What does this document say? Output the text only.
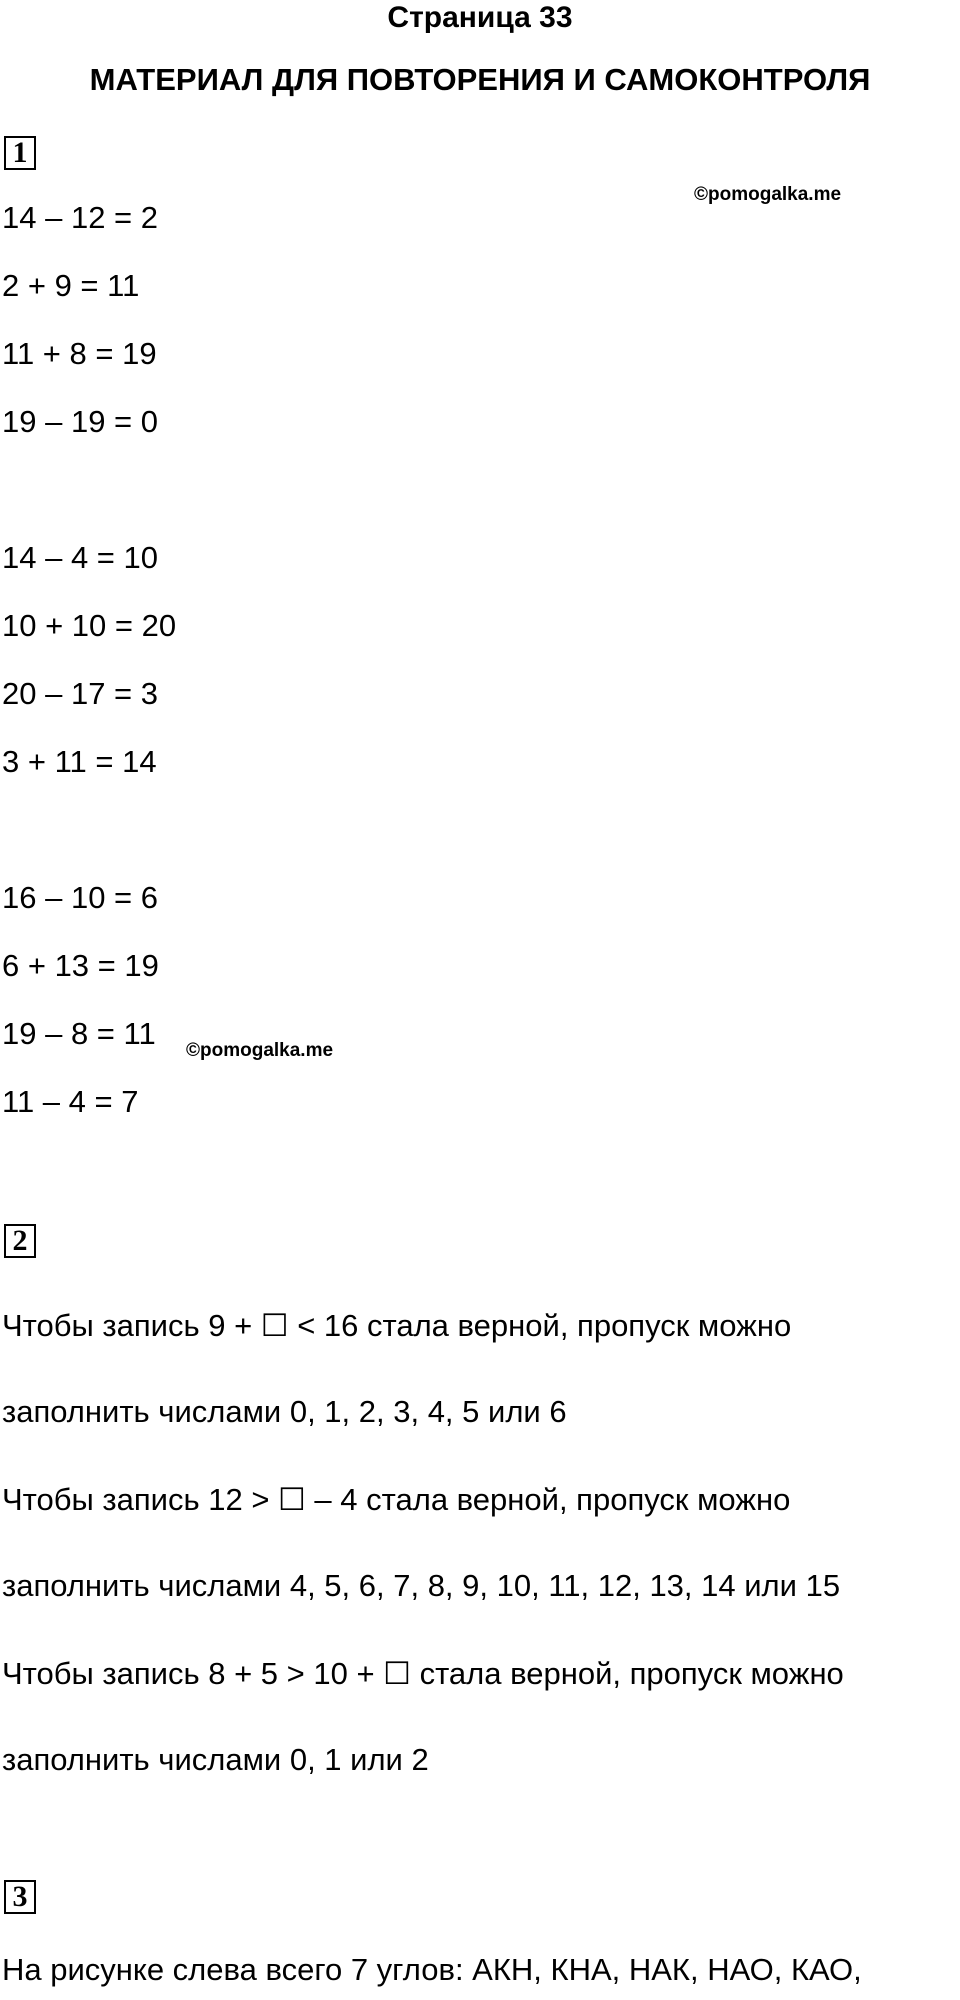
Страница 33
МАТЕРИАЛ ДЛЯ ПОВТОРЕНИЯ И САМОКОНТРОЛЯ
1
©pomogalka.me
14 – 12 = 2
2 + 9 = 11
11 + 8 = 19
19 – 19 = 0
14 – 4 = 10
10 + 10 = 20
20 – 17 = 3
3 + 11 = 14
16 – 10 = 6
6 + 13 = 19
19 – 8 = 11 ©pomogalka.me
11 – 4 = 7
2
Чтобы запись 9 + ☐ < 16 стала верной, пропуск можно
заполнить числами 0, 1, 2, 3, 4, 5 или 6
Чтобы запись 12 > ☐ – 4 стала верной, пропуск можно
заполнить числами 4, 5, 6, 7, 8, 9, 10, 11, 12, 13, 14 или 15
Чтобы запись 8 + 5 > 10 + ☐ стала верной, пропуск можно
заполнить числами 0, 1 или 2
3
На рисунке слева всего 7 углов: АКН, КНА, НАК, НАО, КАО,
